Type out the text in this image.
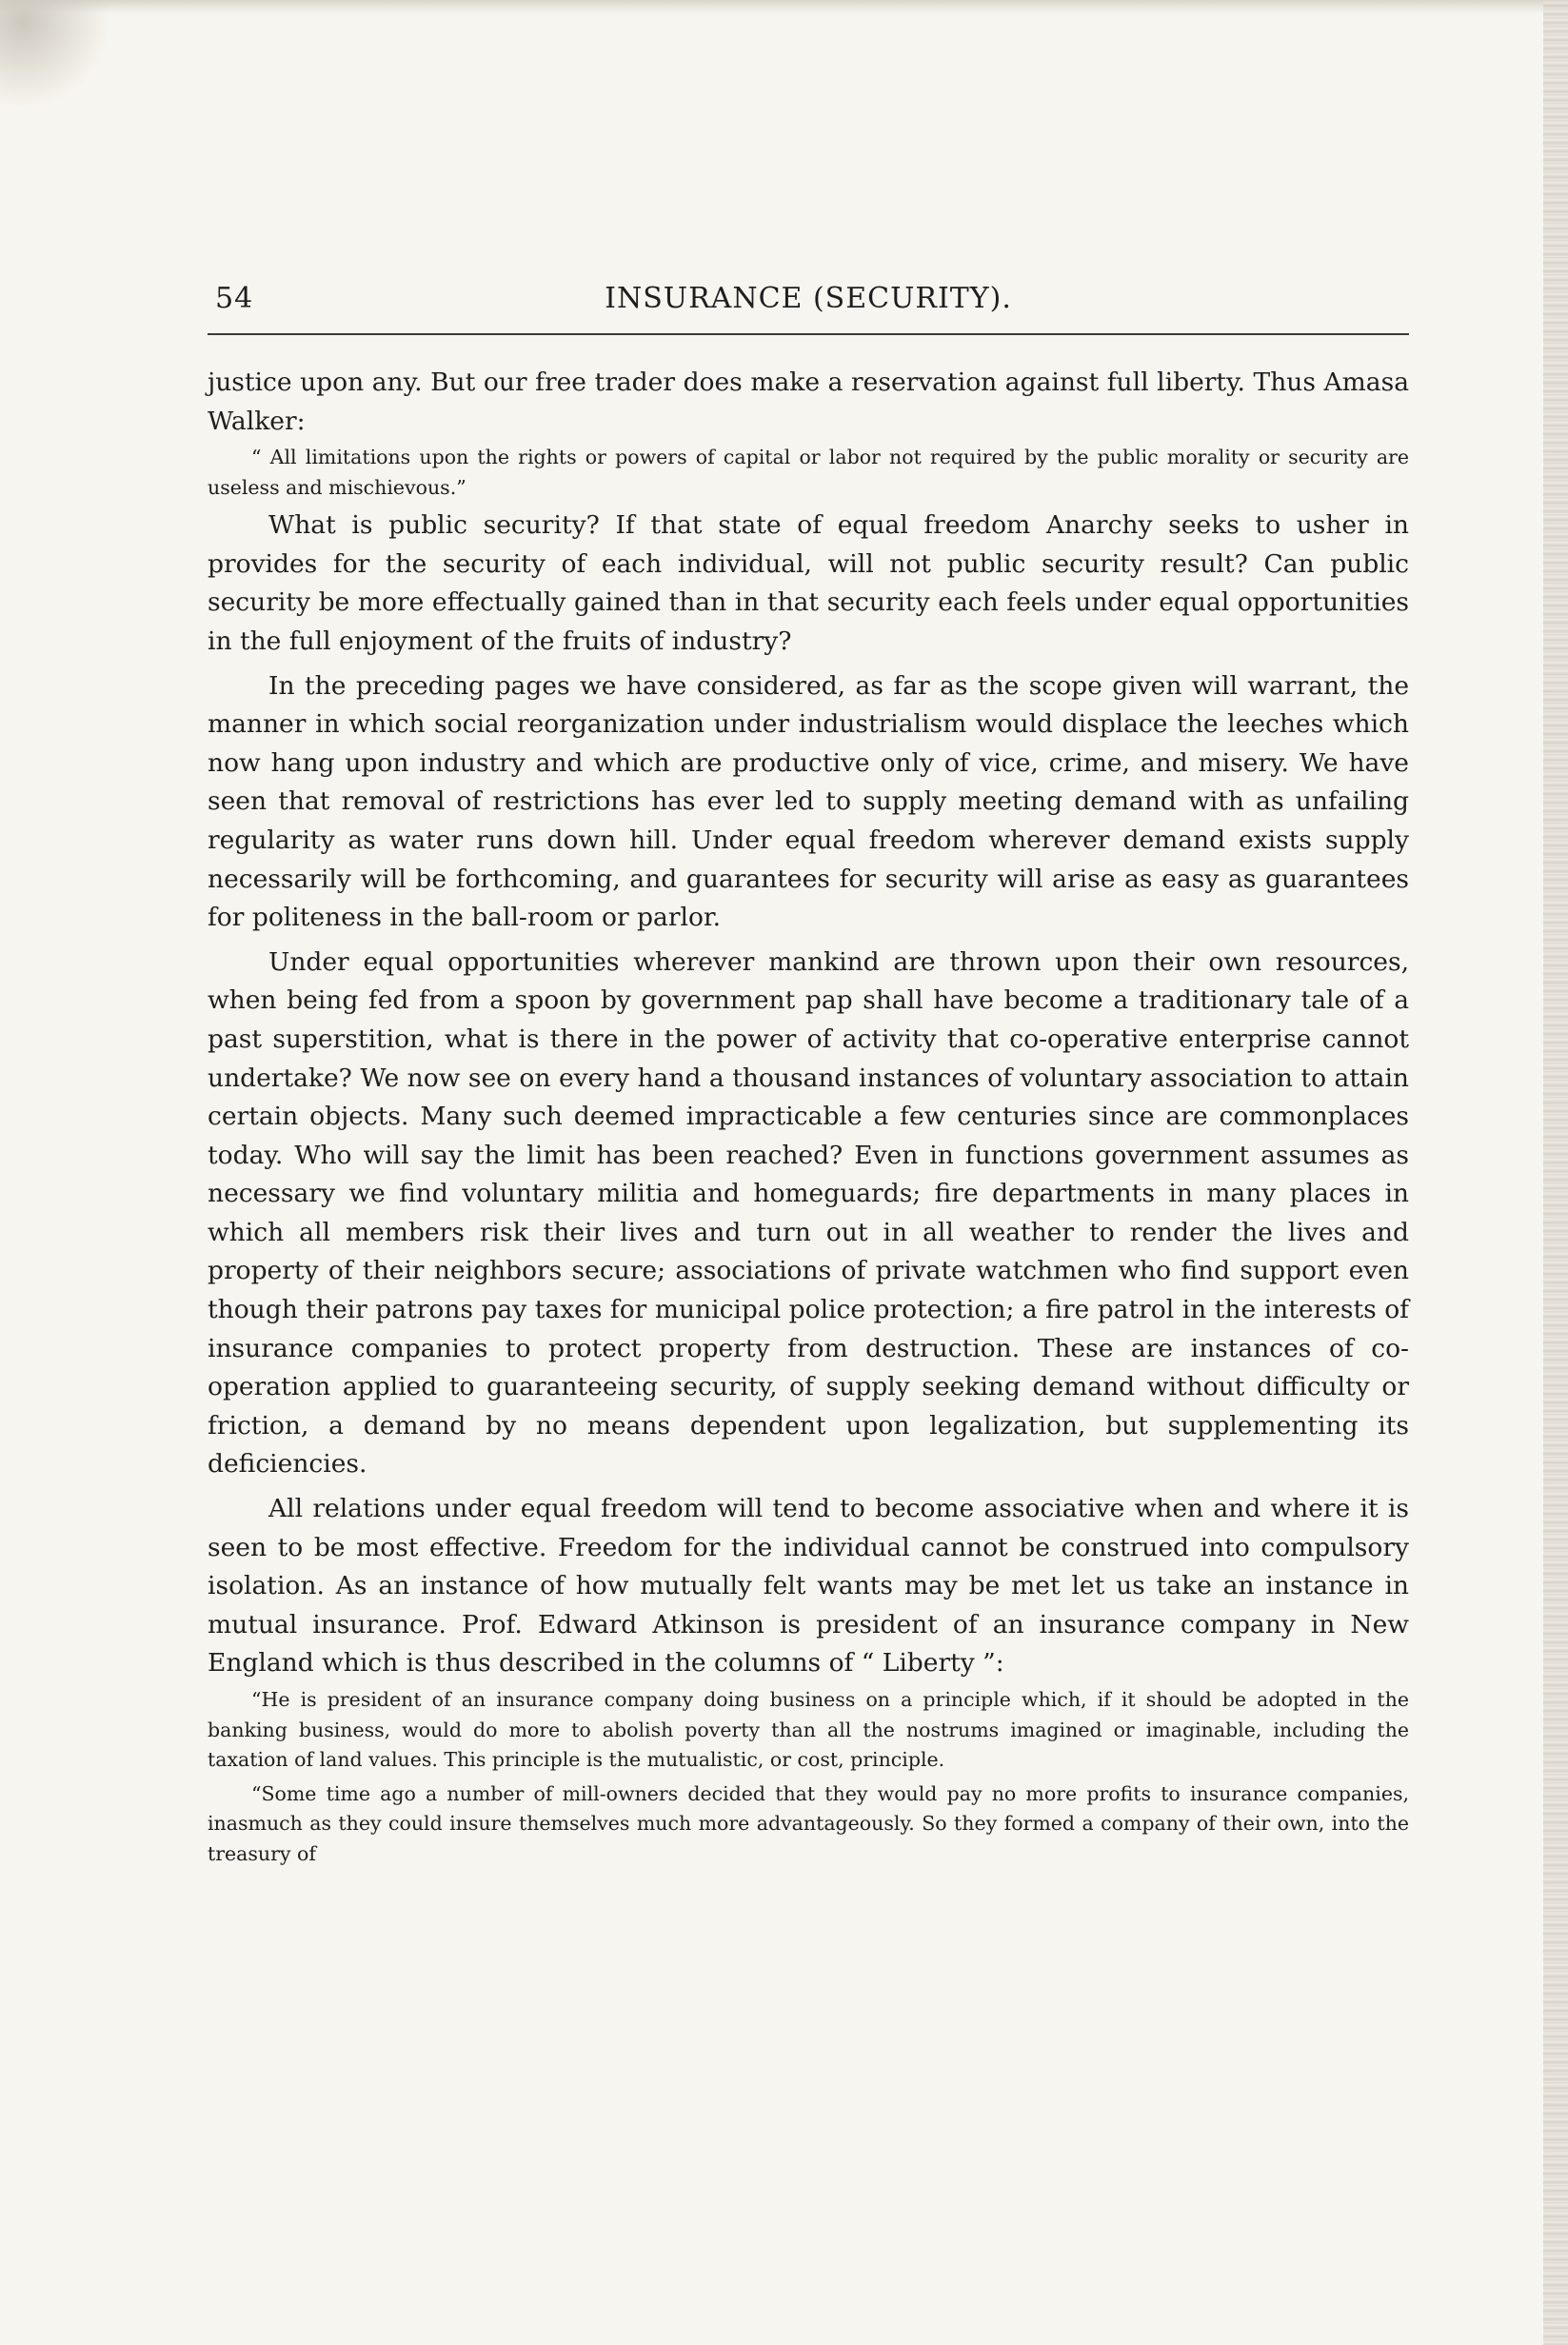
54	INSURANCE (SECURITY).

justice upon any. But our free trader does make a reservation against full liberty. Thus Amasa Walker:

“ All limitations upon the rights or powers of capital or labor not required by the public morality or security are useless and mischievous.”

What is public security? If that state of equal freedom Anarchy seeks to usher in provides for the security of each individual, will not public security result? Can public security be more effectually gained than in that security each feels under equal opportunities in the full enjoyment of the fruits of industry?

In the preceding pages we have considered, as far as the scope given will warrant, the manner in which social reorganization under industrialism would displace the leeches which now hang upon industry and which are productive only of vice, crime, and misery. We have seen that removal of restrictions has ever led to supply meeting demand with as unfailing regularity as water runs down hill. Under equal freedom wherever demand exists supply necessarily will be forthcoming, and guarantees for security will arise as easy as guarantees for politeness in the ball-room or parlor.

Under equal opportunities wherever mankind are thrown upon their own resources, when being fed from a spoon by government pap shall have become a traditionary tale of a past superstition, what is there in the power of activity that co-operative enterprise cannot undertake? We now see on every hand a thousand instances of voluntary association to attain certain objects. Many such deemed impracticable a few centuries since are commonplaces today. Who will say the limit has been reached? Even in functions government assumes as necessary we find voluntary militia and homeguards; fire departments in many places in which all members risk their lives and turn out in all weather to render the lives and property of their neighbors secure; associations of private watchmen who find support even though their patrons pay taxes for municipal police protection; a fire patrol in the interests of insurance companies to protect property from destruction. These are instances of co-operation applied to guaranteeing security, of supply seeking demand without difficulty or friction, a demand by no means dependent upon legalization, but supplementing its deficiencies.

All relations under equal freedom will tend to become associative when and where it is seen to be most effective. Freedom for the individual cannot be construed into compulsory isolation. As an instance of how mutually felt wants may be met let us take an instance in mutual insurance. Prof. Edward Atkinson is president of an insurance company in New England which is thus described in the columns of “ Liberty ”:

“He is president of an insurance company doing business on a principle which, if it should be adopted in the banking business, would do more to abolish poverty than all the nostrums imagined or imaginable, including the taxation of land values. This principle is the mutualistic, or cost, principle.

“Some time ago a number of mill-owners decided that they would pay no more profits to insurance companies, inasmuch as they could insure themselves much more advantageously. So they formed a company of their own, into the treasury of
